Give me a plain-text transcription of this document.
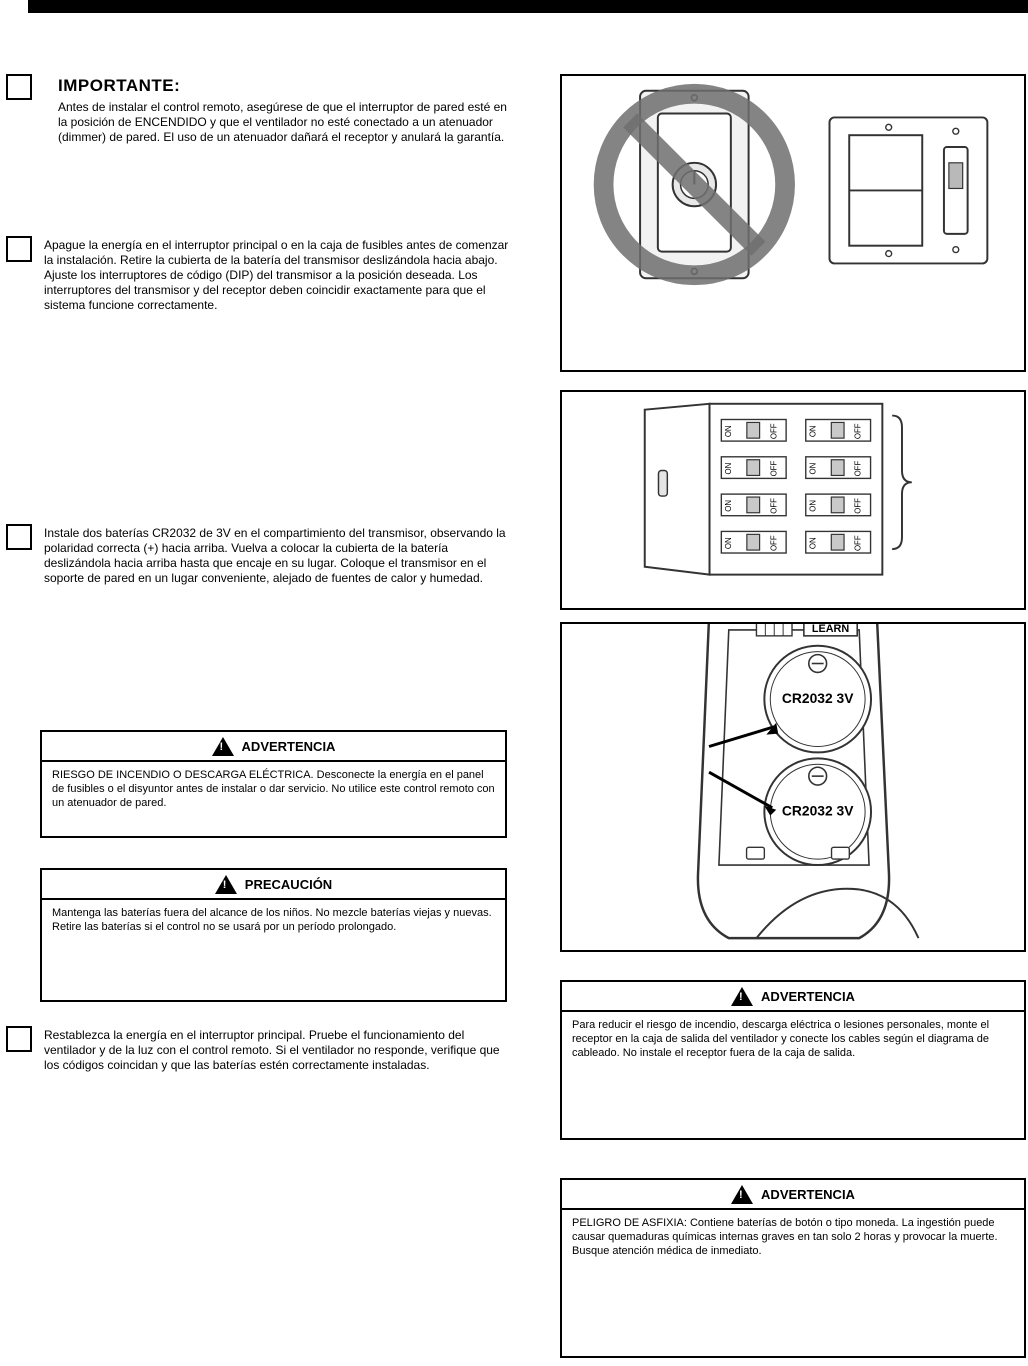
IMPORTANTE:
Antes de instalar el control remoto, asegúrese de que el interruptor de pared esté en la posición de ENCENDIDO y que el ventilador no esté conectado a un atenuador (dimmer) de pared. El uso de un atenuador dañará el receptor y anulará la garantía.
Apague la energía en el interruptor principal o en la caja de fusibles antes de comenzar la instalación. Retire la cubierta de la batería del transmisor deslizándola hacia abajo. Ajuste los interruptores de código (DIP) del transmisor a la posición deseada. Los interruptores del transmisor y del receptor deben coincidir exactamente para que el sistema funcione correctamente.
Instale dos baterías CR2032 de 3V en el compartimiento del transmisor, observando la polaridad correcta (+) hacia arriba. Vuelva a colocar la cubierta de la batería deslizándola hacia arriba hasta que encaje en su lugar. Coloque el transmisor en el soporte de pared en un lugar conveniente, alejado de fuentes de calor y humedad.
!
ADVERTENCIA
RIESGO DE INCENDIO O DESCARGA ELÉCTRICA. Desconecte la energía en el panel de fusibles o el disyuntor antes de instalar o dar servicio. No utilice este control remoto con un atenuador de pared.
!
PRECAUCIÓN
Mantenga las baterías fuera del alcance de los niños. No mezcle baterías viejas y nuevas. Retire las baterías si el control no se usará por un período prolongado.
Restablezca la energía en el interruptor principal. Pruebe el funcionamiento del ventilador y de la luz con el control remoto. Si el ventilador no responde, verifique que los códigos coincidan y que las baterías estén correctamente instaladas.
ON
ON
ON
ON
OFF
OFF
OFF
OFF
ON
ON
ON
ON
OFF
OFF
OFF
OFF
LEARN
CR2032 3V
CR2032 3V
!
ADVERTENCIA
Para reducir el riesgo de incendio, descarga eléctrica o lesiones personales, monte el receptor en la caja de salida del ventilador y conecte los cables según el diagrama de cableado. No instale el receptor fuera de la caja de salida.
!
ADVERTENCIA
PELIGRO DE ASFIXIA: Contiene baterías de botón o tipo moneda. La ingestión puede causar quemaduras químicas internas graves en tan solo 2 horas y provocar la muerte. Busque atención médica de inmediato.
